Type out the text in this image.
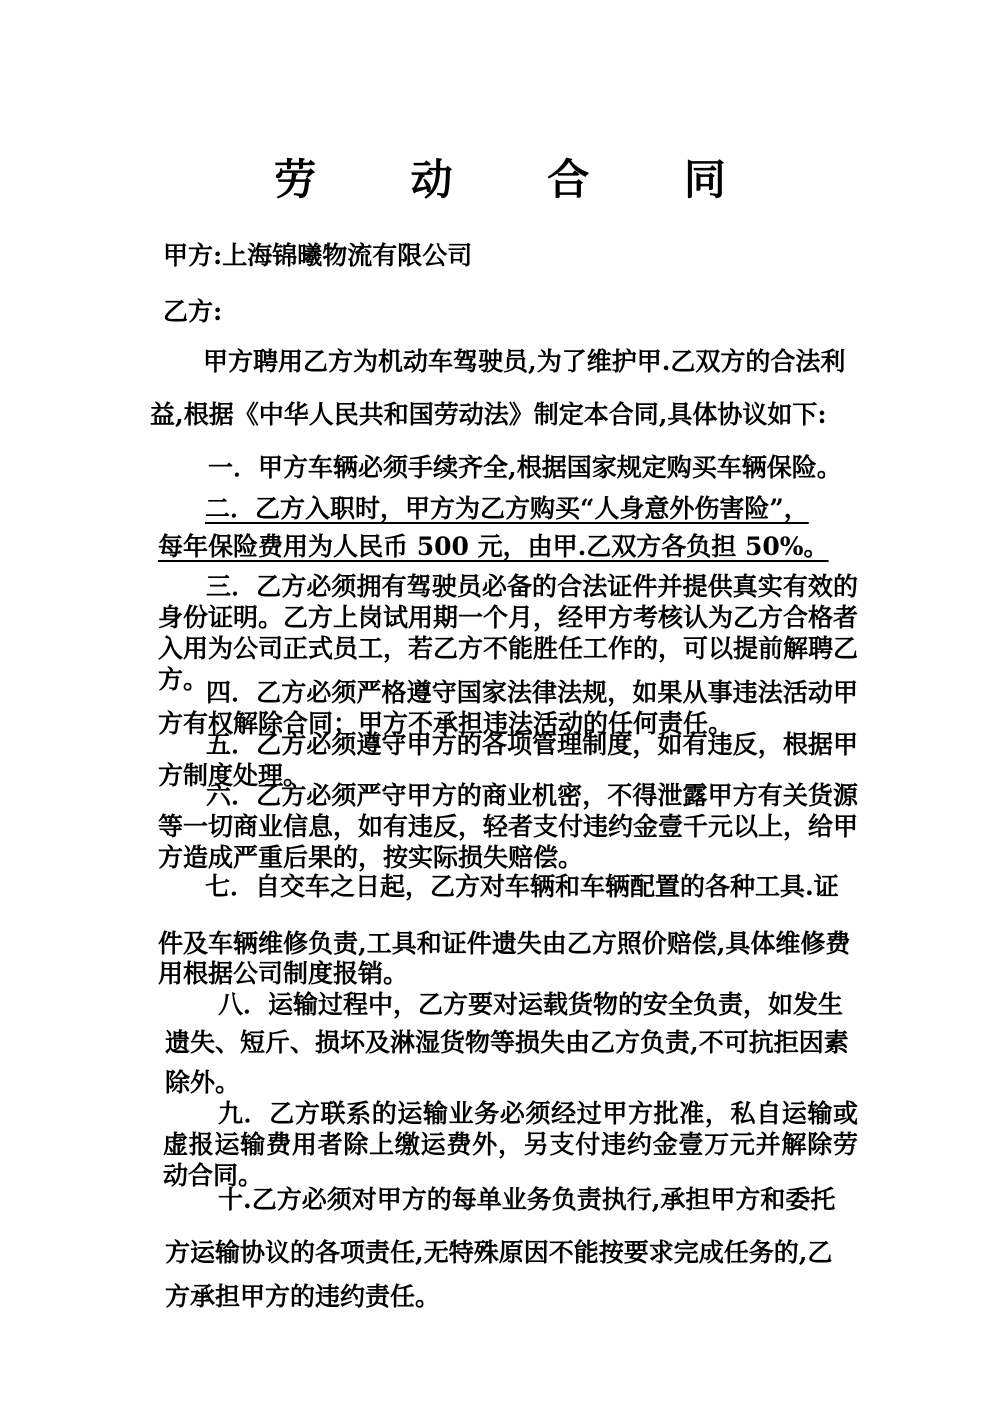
劳 动 合 同
甲方:上海锦曦物流有限公司
乙方:
甲方聘用乙方为机动车驾驶员,为了维护甲.乙双方的合法利
益,根据《中华人民共和国劳动法》制定本合同,具体协议如下:
一．甲方车辆必须手续齐全,根据国家规定购买车辆保险。
二．乙方入职时，甲方为乙方购买“人身意外伤害险”，
每年保险费用为人民币 500 元，由甲.乙双方各负担 50%。
三．乙方必须拥有驾驶员必备的合法证件并提供真实有效的身份证明。乙方上岗试用期一个月，经甲方考核认为乙方合格者入用为公司正式员工，若乙方不能胜任工作的，可以提前解聘乙方。
四．乙方必须严格遵守国家法律法规，如果从事违法活动甲方有权解除合同；甲方不承担违法活动的任何责任。
五．乙方必须遵守甲方的各项管理制度，如有违反，根据甲方制度处理。
六．乙方必须严守甲方的商业机密，不得泄露甲方有关货源等一切商业信息，如有违反，轻者支付违约金壹千元以上，给甲方造成严重后果的，按实际损失赔偿。
七．自交车之日起，乙方对车辆和车辆配置的各种工具.证
件及车辆维修负责,工具和证件遗失由乙方照价赔偿,具体维修费
用根据公司制度报销。
八．运输过程中，乙方要对运载货物的安全负责，如发生
遗失、短斤、损坏及淋湿货物等损失由乙方负责,不可抗拒因素
除外。
九．乙方联系的运输业务必须经过甲方批准，私自运输或虚报运输费用者除上缴运费外，另支付违约金壹万元并解除劳动合同。
十.乙方必须对甲方的每单业务负责执行,承担甲方和委托
方运输协议的各项责任,无特殊原因不能按要求完成任务的,乙
方承担甲方的违约责任。
